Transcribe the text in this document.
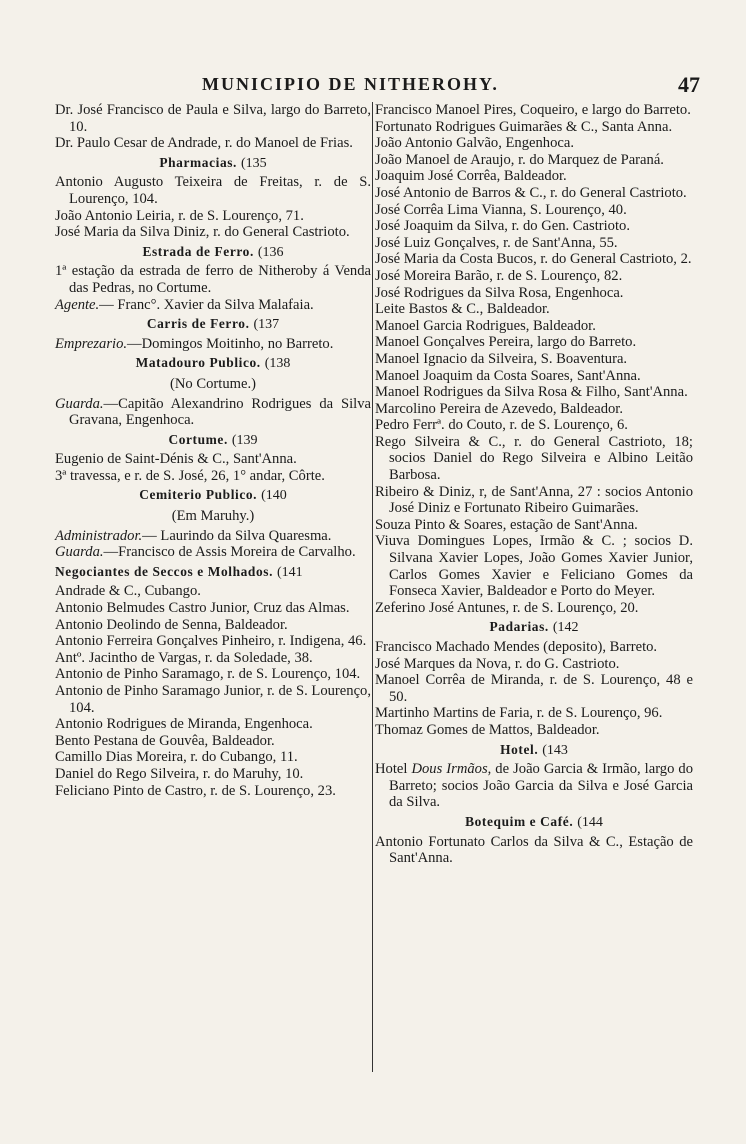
MUNICIPIO DE NITHEROHY.	47

Dr. José Francisco de Paula e Silva, largo do Barreto, 10.

Dr. Paulo Cesar de Andrade, r. do Manoel de Frias.

Pharmacias. (135

Antonio Augusto Teixeira de Freitas, r. de S. Lourenço, 104.

João Antonio Leiria, r. de S. Lourenço, 71.

José Maria da Silva Diniz, r. do General Castrioto.

Estrada de Ferro. (136

1ª estação da estrada de ferro de Nitheroby á Venda das Pedras, no Cortume.

Agente.— Franc°. Xavier da Silva Malafaia.

Carris de Ferro. (137

Emprezario.—Domingos Moitinho, no Barreto.

Matadouro Publico. (138
(No Cortume.)

Guarda.—Capitão Alexandrino Rodrigues da Silva Gravana, Engenhoca.

Cortume. (139

Eugenio de Saint-Dénis & C., Sant'Anna.

3ª travessa, e r. de S. José, 26, 1° andar, Côrte.

Cemiterio Publico. (140
(Em Maruhy.)

Administrador.— Laurindo da Silva Quaresma.

Guarda.—Francisco de Assis Moreira de Carvalho.

Negociantes de Seccos e Molhados. (141

Andrade & C., Cubango.

Antonio Belmudes Castro Junior, Cruz das Almas.

Antonio Deolindo de Senna, Baldeador.

Antonio Ferreira Gonçalves Pinheiro, r. Indigena, 46.

Antº. Jacintho de Vargas, r. da Soledade, 38.

Antonio de Pinho Saramago, r. de S. Lourenço, 104.

Antonio de Pinho Saramago Junior, r. de S. Lourenço, 104.

Antonio Rodrigues de Miranda, Engenhoca.

Bento Pestana de Gouvêa, Baldeador.

Camillo Dias Moreira, r. do Cubango, 11.

Daniel do Rego Silveira, r. do Maruhy, 10.

Feliciano Pinto de Castro, r. de S. Lourenço, 23.

Francisco Manoel Pires, Coqueiro, e largo do Barreto.

Fortunato Rodrigues Guimarães & C., Santa Anna.

João Antonio Galvão, Engenhoca.

João Manoel de Araujo, r. do Marquez de Paraná.

Joaquim José Corrêa, Baldeador.

José Antonio de Barros & C., r. do General Castrioto.

José Corrêa Lima Vianna, S. Lourenço, 40.

José Joaquim da Silva, r. do Gen. Castrioto.

José Luiz Gonçalves, r. de Sant'Anna, 55.

José Maria da Costa Bucos, r. do General Castrioto, 2.

José Moreira Barão, r. de S. Lourenço, 82.

José Rodrigues da Silva Rosa, Engenhoca.

Leite Bastos & C., Baldeador.

Manoel Garcia Rodrigues, Baldeador.

Manoel Gonçalves Pereira, largo do Barreto.

Manoel Ignacio da Silveira, S. Boaventura.

Manoel Joaquim da Costa Soares, Sant'Anna.

Manoel Rodrigues da Silva Rosa & Filho, Sant'Anna.

Marcolino Pereira de Azevedo, Baldeador.

Pedro Ferrª. do Couto, r. de S. Lourenço, 6.

Rego Silveira & C., r. do General Castrioto, 18; socios Daniel do Rego Silveira e Albino Leitão Barbosa.

Ribeiro & Diniz, r, de Sant'Anna, 27 : socios Antonio José Diniz e Fortunato Ribeiro Guimarães.

Souza Pinto & Soares, estação de Sant'Anna.

Viuva Domingues Lopes, Irmão & C. ; socios D. Silvana Xavier Lopes, João Gomes Xavier Junior, Carlos Gomes Xavier e Feliciano Gomes da Fonseca Xavier, Baldeador e Porto do Meyer.

Zeferino José Antunes, r. de S. Lourenço, 20.

Padarias. (142

Francisco Machado Mendes (deposito), Barreto.

José Marques da Nova, r. do G. Castrioto.

Manoel Corrêa de Miranda, r. de S. Lourenço, 48 e 50.

Martinho Martins de Faria, r. de S. Lourenço, 96.

Thomaz Gomes de Mattos, Baldeador.

Hotel. (143

Hotel Dous Irmãos, de João Garcia & Irmão, largo do Barreto; socios João Garcia da Silva e José Garcia da Silva.

Botequim e Café. (144

Antonio Fortunato Carlos da Silva & C., Estação de Sant'Anna.
